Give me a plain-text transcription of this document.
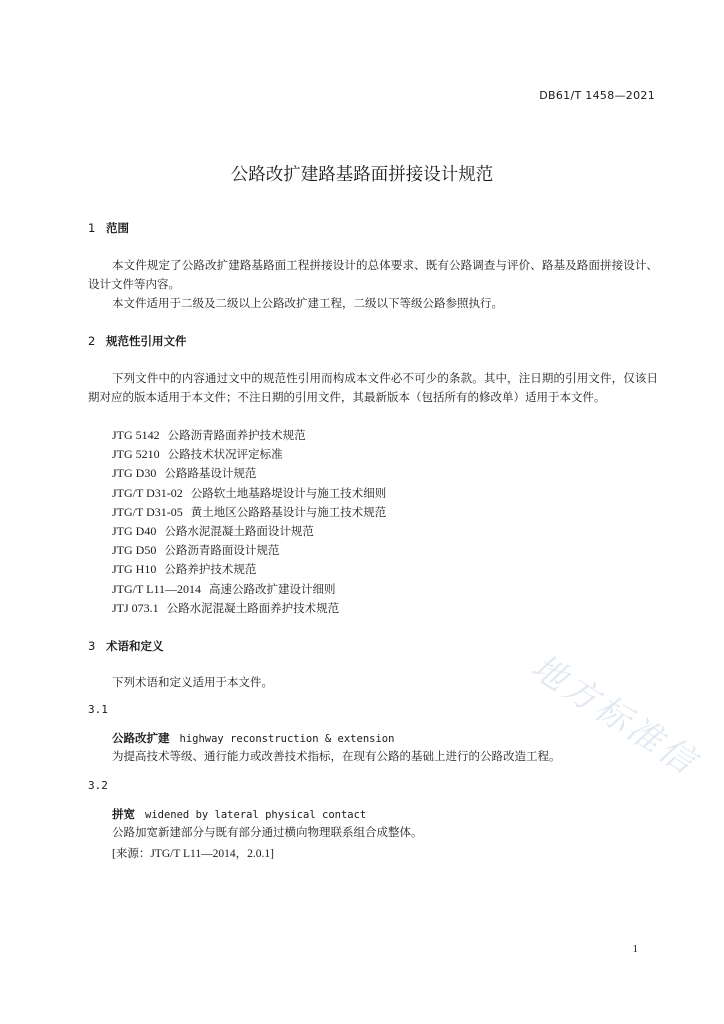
DB61/T 1458—2021
公路改扩建路基路面拼接设计规范
1 范围

本文件规定了公路改扩建路基路面工程拼接设计的总体要求、既有公路调查与评价、路基及路面拼接设计、设计文件等内容。

本文件适用于二级及二级以上公路改扩建工程，二级以下等级公路参照执行。

2 规范性引用文件

下列文件中的内容通过文中的规范性引用而构成本文件必不可少的条款。其中，注日期的引用文件，仅该日期对应的版本适用于本文件；不注日期的引用文件，其最新版本（包括所有的修改单）适用于本文件。

JTG 5142 公路沥青路面养护技术规范
JTG 5210 公路技术状况评定标准
JTG D30 公路路基设计规范
JTG/T D31-02 公路软土地基路堤设计与施工技术细则
JTG/T D31-05 黄土地区公路路基设计与施工技术规范
JTG D40 公路水泥混凝土路面设计规范
JTG D50 公路沥青路面设计规范
JTG H10 公路养护技术规范
JTG/T L11—2014 高速公路改扩建设计细则
JTJ 073.1 公路水泥混凝土路面养护技术规范
3 术语和定义

下列术语和定义适用于本文件。

3.1
公路改扩建 highway reconstruction & extension
为提高技术等级、通行能力或改善技术指标，在现有公路的基础上进行的公路改造工程。
3.2
拼宽 widened by lateral physical contact
公路加宽新建部分与既有部分通过横向物理联系组合成整体。
[来源：JTG/T L11—2014，2.0.1]
1
地方标准信
